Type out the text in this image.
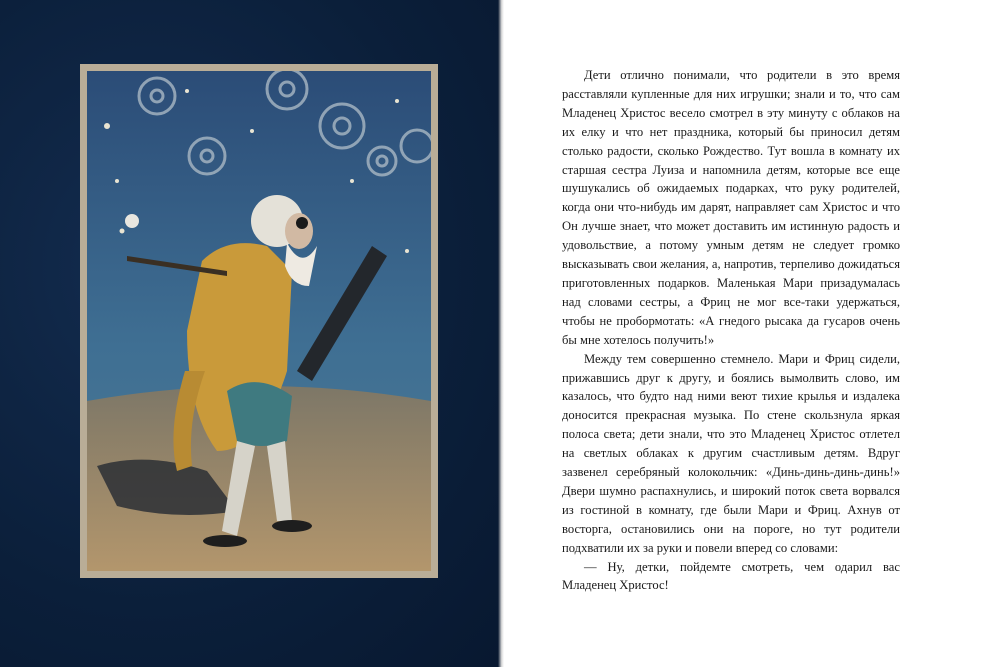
Дети отлично понимали, что родители в это время расставляли купленные для них игрушки; знали и то, что сам Младенец Христос весело смотрел в эту минуту с облаков на их елку и что нет праздника, который бы приносил детям столько радости, сколько Рождество. Тут вошла в комнату их старшая сестра Луиза и напомнила детям, которые все еще шушукались об ожидаемых подарках, что руку родителей, когда они что-нибудь им дарят, направляет сам Христос и что Он лучше знает, что может доставить им истинную радость и удовольствие, а потому умным детям не следует громко высказывать свои желания, а, напротив, терпеливо дожидаться приготовленных подарков. Маленькая Мари призадумалась над словами сестры, а Фриц не мог все-таки удержаться, чтобы не пробормотать: «А гнедого рысака да гусаров очень бы мне хотелось получить!»

Между тем совершенно стемнело. Мари и Фриц сидели, прижавшись друг к другу, и боялись вымолвить слово, им казалось, что будто над ними веют тихие крылья и издалека доносится прекрасная музыка. По стене скользнула яркая полоса света; дети знали, что это Младенец Христос отлетел на светлых облаках к другим счастливым детям. Вдруг зазвенел серебряный колокольчик: «Динь-динь-динь-динь!» Двери шумно распахнулись, и широкий поток света ворвался из гостиной в комнату, где были Мари и Фриц. Ахнув от восторга, остановились они на пороге, но тут родители подхватили их за руки и повели вперед со словами:

— Ну, детки, пойдемте смотреть, чем одарил вас Младенец Христос!
